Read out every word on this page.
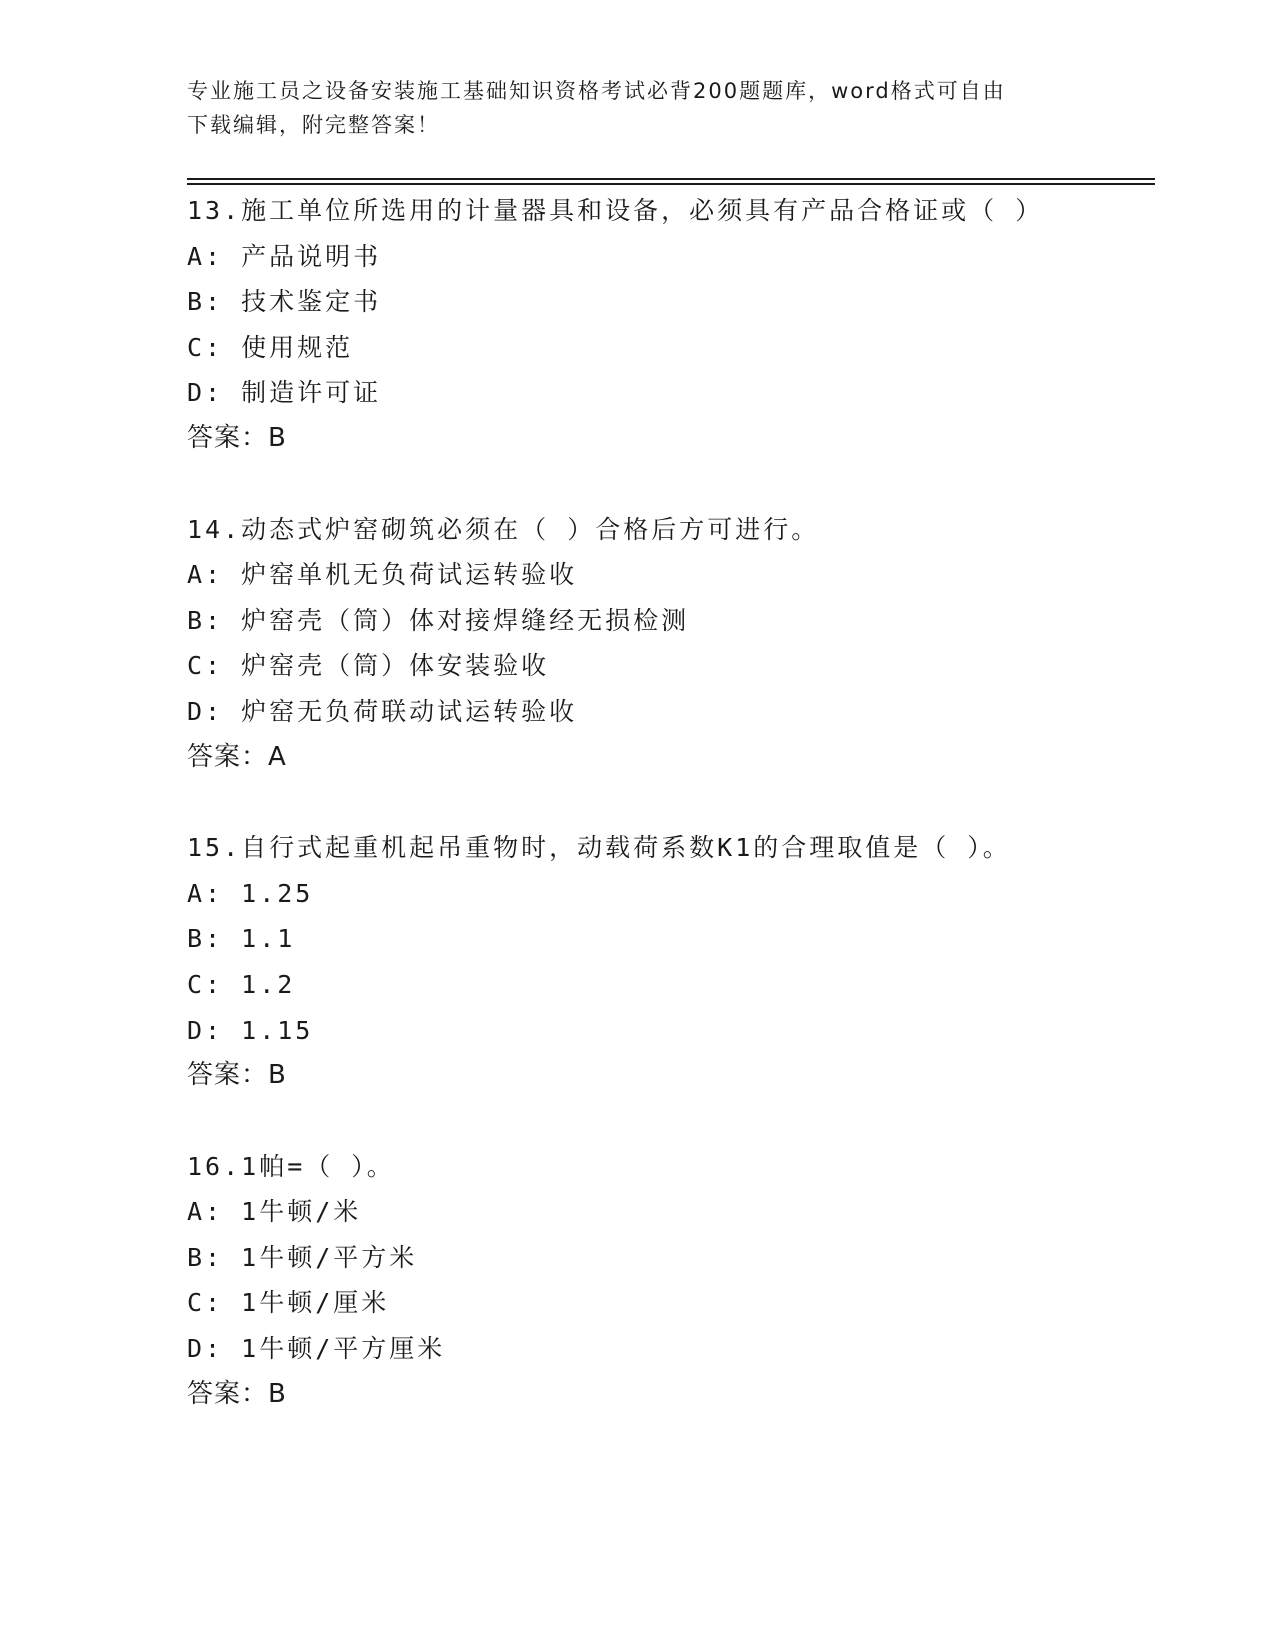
专业施工员之设备安装施工基础知识资格考试必背200题题库，word格式可自由
下载编辑，附完整答案！
13.施工单位所选用的计量器具和设备，必须具有产品合格证或（ ）
A: 产品说明书
B: 技术鉴定书
C: 使用规范
D: 制造许可证
答案：B
14.动态式炉窑砌筑必须在（ ）合格后方可进行。
A: 炉窑单机无负荷试运转验收
B: 炉窑壳（筒）体对接焊缝经无损检测
C: 炉窑壳（筒）体安装验收
D: 炉窑无负荷联动试运转验收
答案：A
15.自行式起重机起吊重物时，动载荷系数K1的合理取值是（ ）。
A: 1.25
B: 1.1
C: 1.2
D: 1.15
答案：B
16.1帕=（ ）。
A: 1牛顿/米
B: 1牛顿/平方米
C: 1牛顿/厘米
D: 1牛顿/平方厘米
答案：B
